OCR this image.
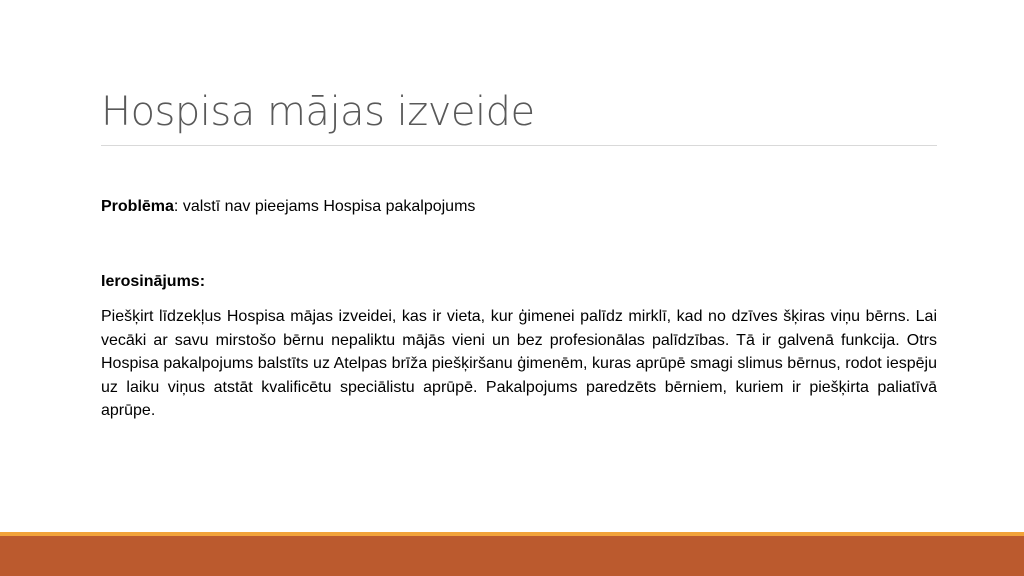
Hospisa mājas izveide

Problēma: valstī nav pieejams Hospisa pakalpojums

Ierosinājums:

Piešķirt līdzekļus Hospisa mājas izveidei, kas ir vieta, kur ģimenei palīdz mirklī, kad no dzīves šķiras viņu bērns. Lai vecāki ar savu mirstošo bērnu nepaliktu mājās vieni un bez profesionālas palīdzības. Tā ir galvenā funkcija. Otrs Hospisa pakalpojums balstīts uz Atelpas brīža piešķiršanu ģimenēm, kuras aprūpē smagi slimus bērnus, rodot iespēju uz laiku viņus atstāt kvalificētu speciālistu aprūpē. Pakalpojums paredzēts bērniem, kuriem ir piešķirta paliatīvā aprūpe.
